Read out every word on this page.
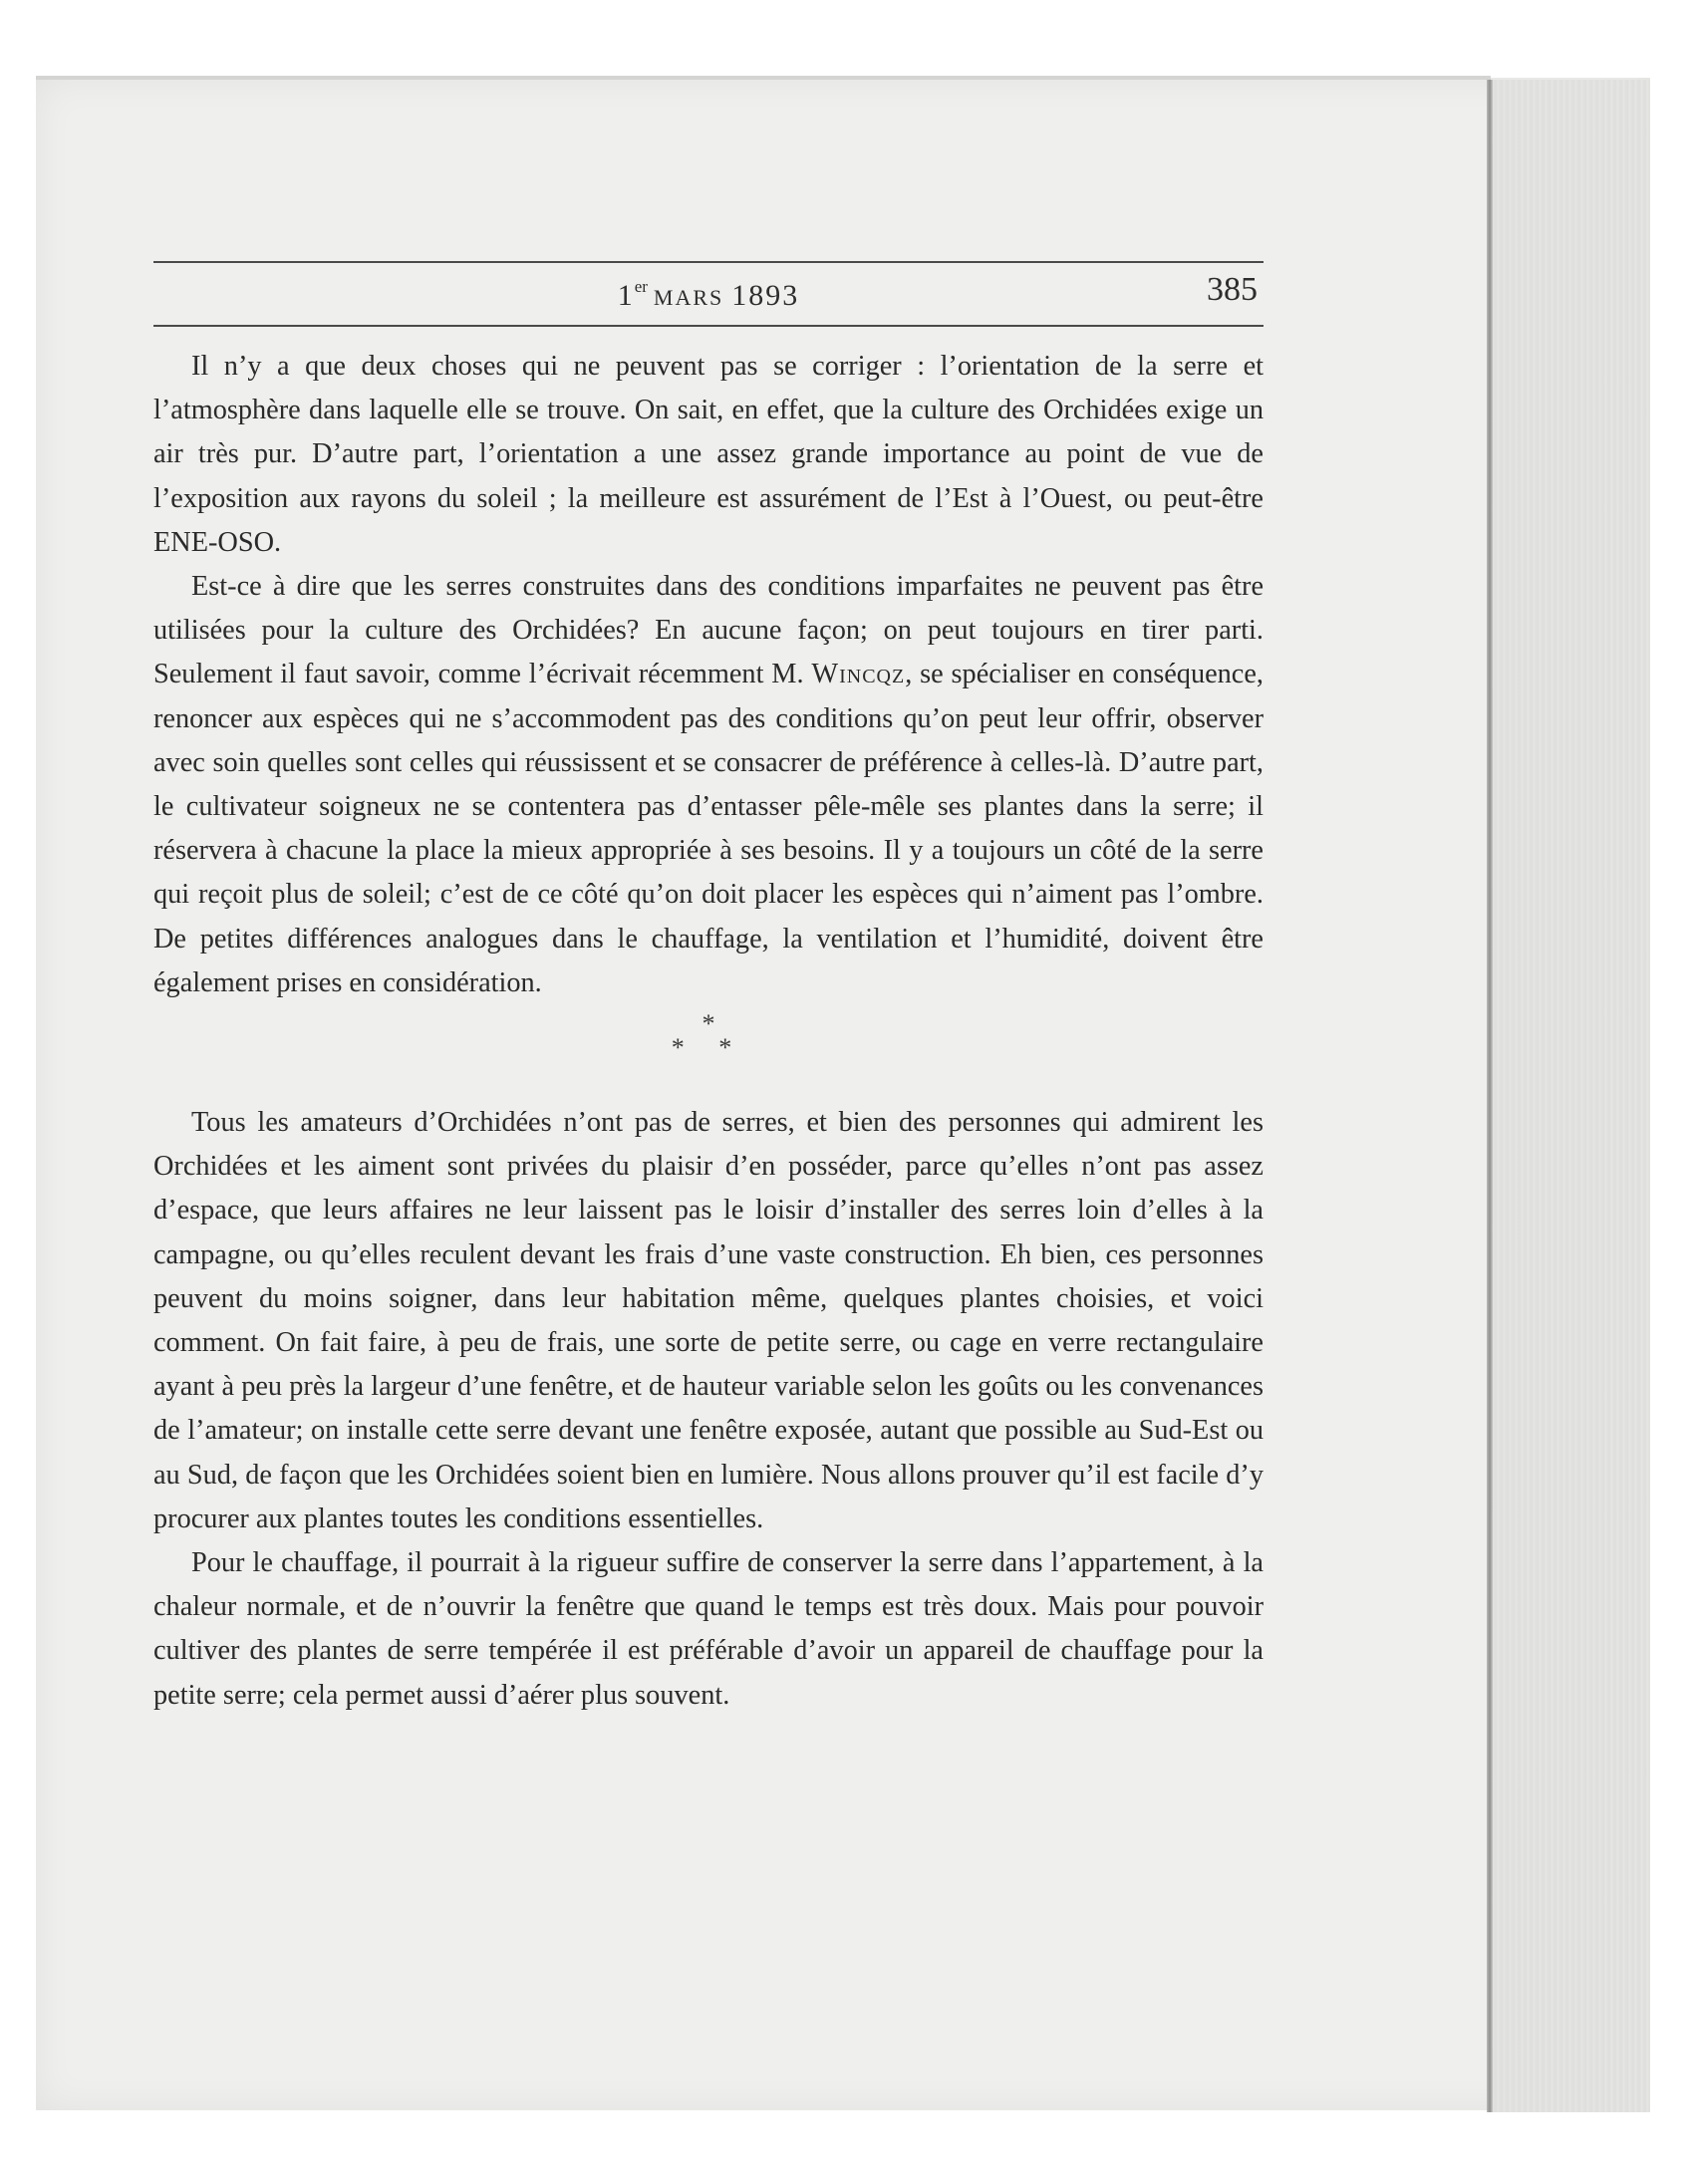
1er MARS 1893	385

Il n’y a que deux choses qui ne peuvent pas se corriger : l’orientation de la serre et l’atmosphère dans laquelle elle se trouve. On sait, en effet, que la culture des Orchidées exige un air très pur. D’autre part, l’orientation a une assez grande importance au point de vue de l’exposition aux rayons du soleil ; la meilleure est assurément de l’Est à l’Ouest, ou peut-être ENE-OSO.

Est-ce à dire que les serres construites dans des conditions imparfaites ne peuvent pas être utilisées pour la culture des Orchidées? En aucune façon; on peut toujours en tirer parti. Seulement il faut savoir, comme l’écrivait récemment M. Wincqz, se spécialiser en conséquence, renoncer aux espèces qui ne s’accommodent pas des conditions qu’on peut leur offrir, observer avec soin quelles sont celles qui réussissent et se consacrer de préférence à celles-là. D’autre part, le cultivateur soigneux ne se contentera pas d’entasser pêle-mêle ses plantes dans la serre; il réservera à chacune la place la mieux appropriée à ses besoins. Il y a toujours un côté de la serre qui reçoit plus de soleil; c’est de ce côté qu’on doit placer les espèces qui n’aiment pas l’ombre. De petites différences analogues dans le chauffage, la ventilation et l’humidité, doivent être également prises en considération.

*
* *

Tous les amateurs d’Orchidées n’ont pas de serres, et bien des personnes qui admirent les Orchidées et les aiment sont privées du plaisir d’en posséder, parce qu’elles n’ont pas assez d’espace, que leurs affaires ne leur laissent pas le loisir d’installer des serres loin d’elles à la campagne, ou qu’elles reculent devant les frais d’une vaste construction. Eh bien, ces personnes peuvent du moins soigner, dans leur habitation même, quelques plantes choisies, et voici comment. On fait faire, à peu de frais, une sorte de petite serre, ou cage en verre rectangulaire ayant à peu près la largeur d’une fenêtre, et de hauteur variable selon les goûts ou les convenances de l’amateur; on installe cette serre devant une fenêtre exposée, autant que possible au Sud-Est ou au Sud, de façon que les Orchidées soient bien en lumière. Nous allons prouver qu’il est facile d’y procurer aux plantes toutes les conditions essentielles.

Pour le chauffage, il pourrait à la rigueur suffire de conserver la serre dans l’appartement, à la chaleur normale, et de n’ouvrir la fenêtre que quand le temps est très doux. Mais pour pouvoir cultiver des plantes de serre tempérée il est préférable d’avoir un appareil de chauffage pour la petite serre; cela permet aussi d’aérer plus souvent.
